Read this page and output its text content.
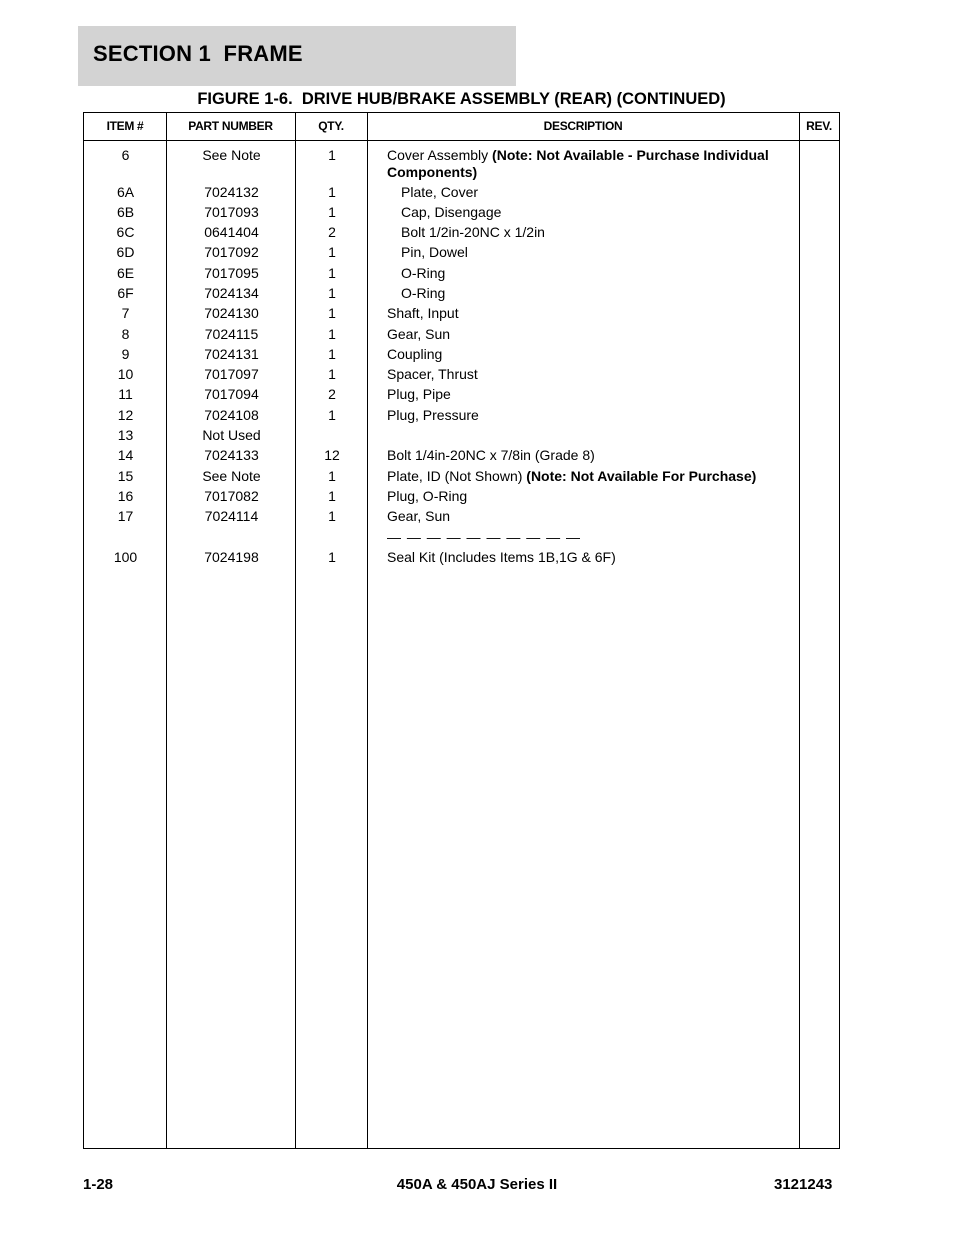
SECTION 1  FRAME
FIGURE 1-6.  DRIVE HUB/BRAKE ASSEMBLY (REAR) (CONTINUED)
ITEM #	PART NUMBER	QTY.	DESCRIPTION	REV.
6	See Note	1	Cover Assembly (Note: Not Available - Purchase Individual Components)
6A	7024132	1	Plate, Cover
6B	7017093	1	Cap, Disengage
6C	0641404	2	Bolt 1/2in-20NC x 1/2in
6D	7017092	1	Pin, Dowel
6E	7017095	1	O-Ring
6F	7024134	1	O-Ring
7	7024130	1	Shaft, Input
8	7024115	1	Gear, Sun
9	7024131	1	Coupling
10	7017097	1	Spacer, Thrust
11	7017094	2	Plug, Pipe
12	7024108	1	Plug, Pressure
13	Not Used
14	7024133	12	Bolt 1/4in-20NC x 7/8in (Grade 8)
15	See Note	1	Plate, ID (Not Shown) (Note: Not Available For Purchase)
16	7017082	1	Plug, O-Ring
17	7024114	1	Gear, Sun
— — — — — — — — — —
100	7024198	1	Seal Kit (Includes Items 1B,1G & 6F)
1-28	450A & 450AJ Series II	3121243
